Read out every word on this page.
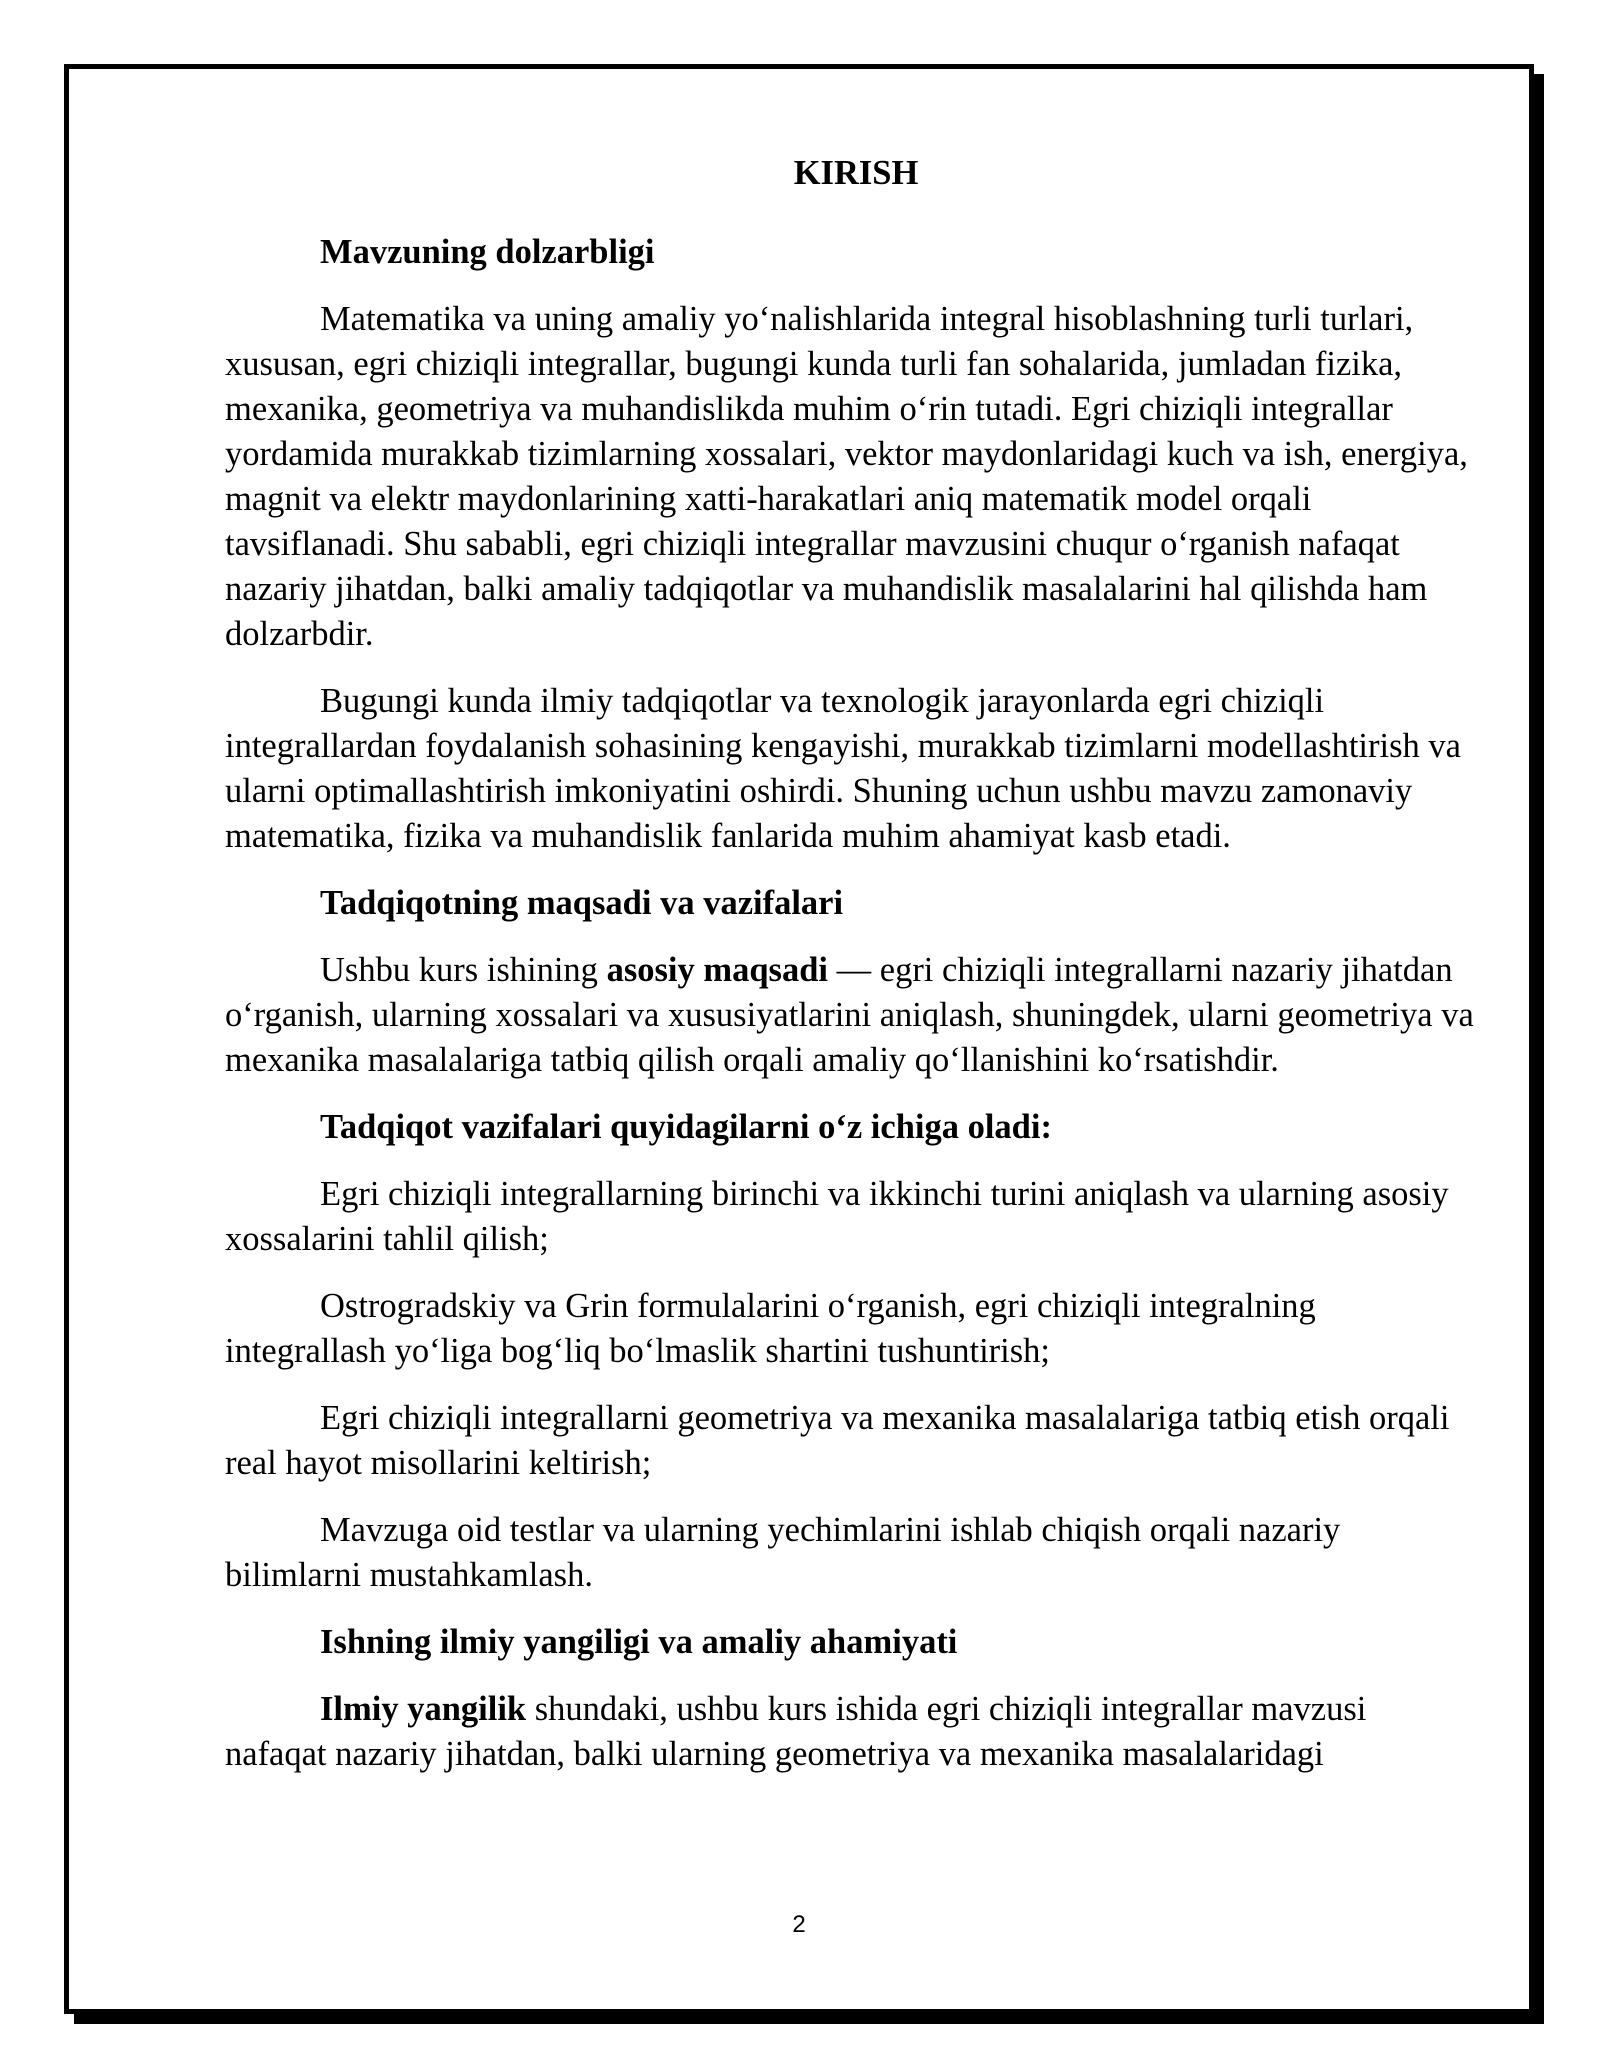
KIRISH

Mavzuning dolzarbligi

Matematika va uning amaliy yo‘nalishlarida integral hisoblashning turli turlari, xususan, egri chiziqli integrallar, bugungi kunda turli fan sohalarida, jumladan fizika, mexanika, geometriya va muhandislikda muhim o‘rin tutadi. Egri chiziqli integrallar yordamida murakkab tizimlarning xossalari, vektor maydonlaridagi kuch va ish, energiya, magnit va elektr maydonlarining xatti-harakatlari aniq matematik model orqali tavsiflanadi. Shu sababli, egri chiziqli integrallar mavzusini chuqur o‘rganish nafaqat nazariy jihatdan, balki amaliy tadqiqotlar va muhandislik masalalarini hal qilishda ham dolzarbdir.

Bugungi kunda ilmiy tadqiqotlar va texnologik jarayonlarda egri chiziqli integrallardan foydalanish sohasining kengayishi, murakkab tizimlarni modellashtirish va ularni optimallashtirish imkoniyatini oshirdi. Shuning uchun ushbu mavzu zamonaviy matematika, fizika va muhandislik fanlarida muhim ahamiyat kasb etadi.

Tadqiqotning maqsadi va vazifalari

Ushbu kurs ishining asosiy maqsadi — egri chiziqli integrallarni nazariy jihatdan o‘rganish, ularning xossalari va xususiyatlarini aniqlash, shuningdek, ularni geometriya va mexanika masalalariga tatbiq qilish orqali amaliy qo‘llanishini ko‘rsatishdir.

Tadqiqot vazifalari quyidagilarni o‘z ichiga oladi:

Egri chiziqli integrallarning birinchi va ikkinchi turini aniqlash va ularning asosiy xossalarini tahlil qilish;

Ostrogradskiy va Grin formulalarini o‘rganish, egri chiziqli integralning integrallash yo‘liga bog‘liq bo‘lmaslik shartini tushuntirish;

Egri chiziqli integrallarni geometriya va mexanika masalalariga tatbiq etish orqali real hayot misollarini keltirish;

Mavzuga oid testlar va ularning yechimlarini ishlab chiqish orqali nazariy bilimlarni mustahkamlash.

Ishning ilmiy yangiligi va amaliy ahamiyati

Ilmiy yangilik shundaki, ushbu kurs ishida egri chiziqli integrallar mavzusi nafaqat nazariy jihatdan, balki ularning geometriya va mexanika masalalaridagi

2
